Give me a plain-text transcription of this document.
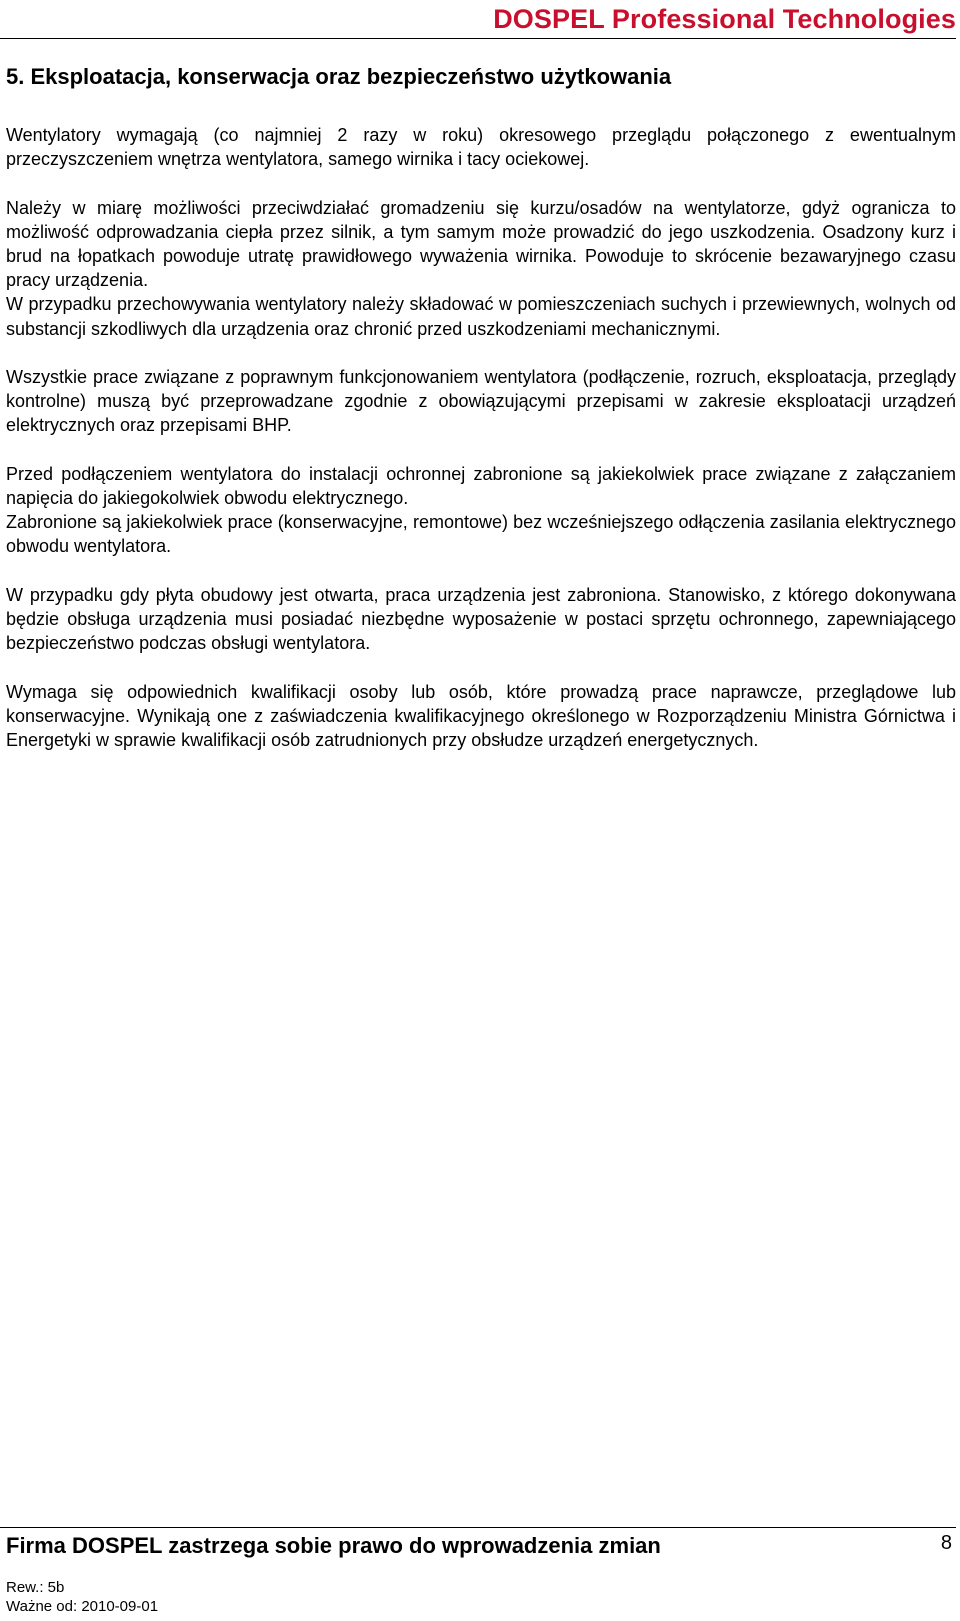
DOSPEL Professional Technologies
5. Eksploatacja, konserwacja oraz bezpieczeństwo użytkowania

Wentylatory wymagają (co najmniej 2 razy w roku) okresowego przeglądu połączonego z ewentualnym przeczyszczeniem wnętrza wentylatora, samego wirnika i tacy ociekowej.

Należy w miarę możliwości przeciwdziałać gromadzeniu się kurzu/osadów na wentylatorze, gdyż ogranicza to możliwość odprowadzania ciepła przez silnik, a tym samym może prowadzić do jego uszkodzenia. Osadzony kurz i brud na łopatkach powoduje utratę prawidłowego wyważenia wirnika. Powoduje to skrócenie bezawaryjnego czasu pracy urządzenia.

W przypadku przechowywania wentylatory należy składować w pomieszczeniach suchych i przewiewnych, wolnych od substancji szkodliwych dla urządzenia oraz chronić przed uszkodzeniami mechanicznymi.

Wszystkie prace związane z poprawnym funkcjonowaniem wentylatora (podłączenie, rozruch, eksploatacja, przeglądy kontrolne) muszą być przeprowadzane zgodnie z obowiązującymi przepisami w zakresie eksploatacji urządzeń elektrycznych oraz przepisami BHP.

Przed podłączeniem wentylatora do instalacji ochronnej zabronione są jakiekolwiek prace związane z załączaniem napięcia do jakiegokolwiek obwodu elektrycznego.

Zabronione są jakiekolwiek prace (konserwacyjne, remontowe) bez wcześniejszego odłączenia zasilania elektrycznego obwodu wentylatora.

W przypadku gdy płyta obudowy jest otwarta, praca urządzenia jest zabroniona. Stanowisko, z którego dokonywana będzie obsługa urządzenia musi posiadać niezbędne wyposażenie w postaci sprzętu ochronnego, zapewniającego bezpieczeństwo podczas obsługi wentylatora.

Wymaga się odpowiednich kwalifikacji osoby lub osób, które prowadzą prace naprawcze, przeglądowe lub konserwacyjne. Wynikają one z zaświadczenia kwalifikacyjnego określonego w Rozporządzeniu Ministra Górnictwa i Energetyki w sprawie kwalifikacji osób zatrudnionych przy obsłudze urządzeń energetycznych.

Firma DOSPEL zastrzega sobie prawo do wprowadzenia zmian	8
Rew.: 5b
Ważne od: 2010-09-01
